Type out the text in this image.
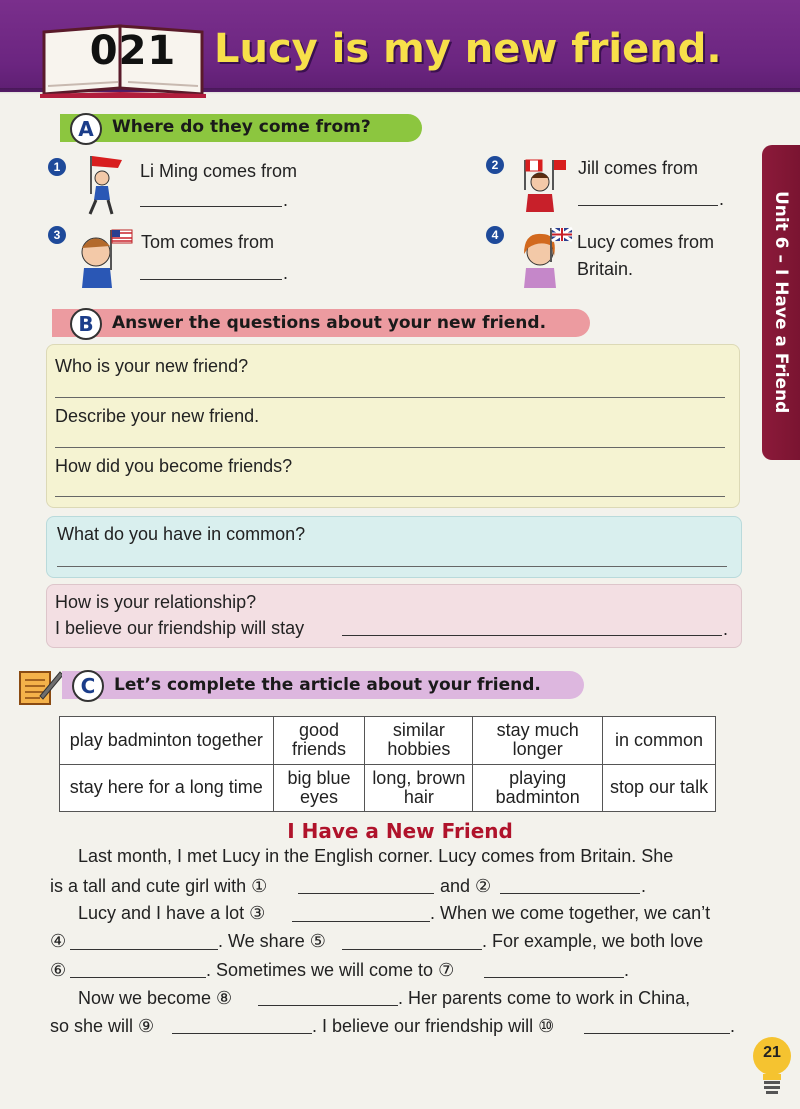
021 Lucy is my new friend.
Unit 6 – I Have a Friend
A	Where do they come from?
1	Li Ming comes from
.
2	Jill comes from
.
3	Tom comes from
.
4	Lucy comes from
Britain.
B	Answer the questions about your new friend.
Who is your new friend?
Describe your new friend.
How did you become friends?
What do you have in common?
How is your relationship?
I believe our friendship will stay	.
C	Let’s complete the article about your friend.
play badminton together	good friends	similar hobbies	stay much longer	in common
stay here for a long time	big blue eyes	long, brown hair	playing badminton	stop our talk
I Have a New Friend
Last month, I met Lucy in the English corner. Lucy comes from Britain. She
is a tall and cute girl with ①	and ②	.
Lucy and I have a lot ③	. When we come together, we can’t
④	. We share ⑤	. For example, we both love
⑥	. Sometimes we will come to ⑦	.
Now we become ⑧	. Her parents come to work in China,
so she will ⑨	. I believe our friendship will ⑩	.
21
